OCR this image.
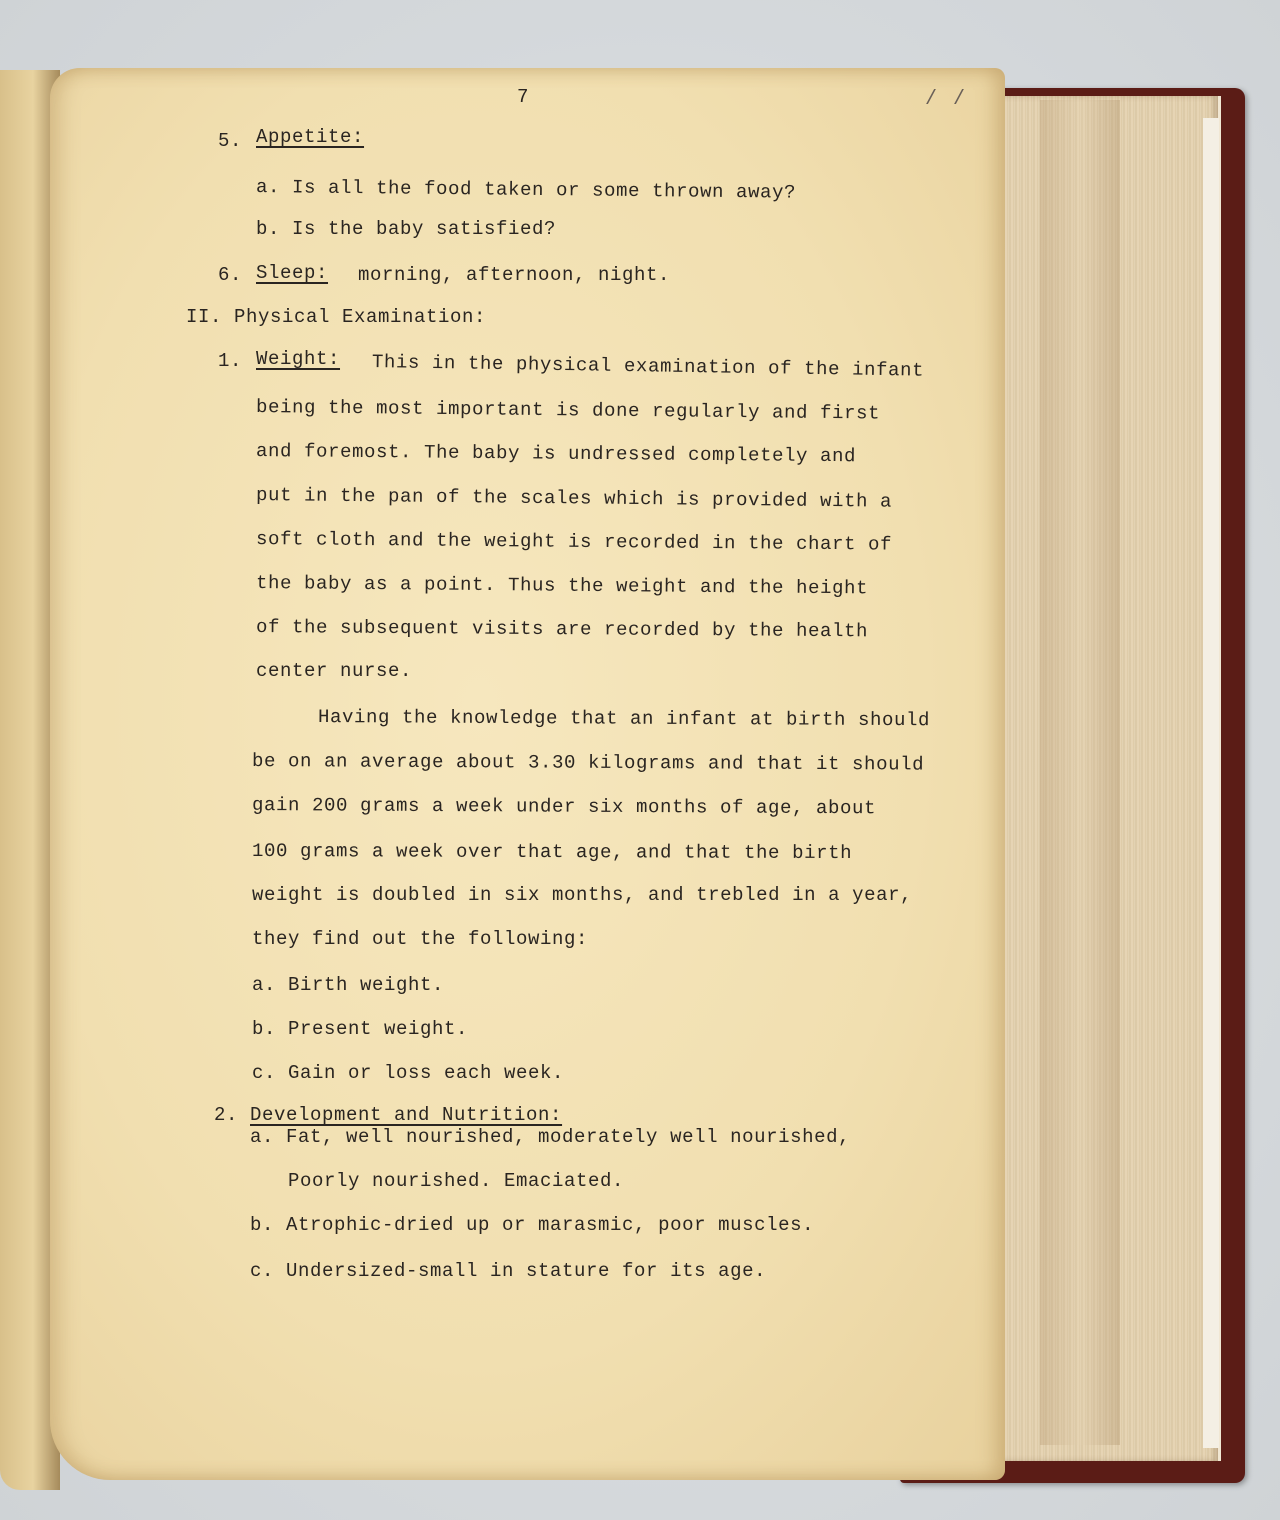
/ /
7
5. Appetite:
a. Is all the food taken or some thrown away?
b. Is the baby satisfied?
6. Sleep: morning, afternoon, night.
II. Physical Examination:
1. Weight: This in the physical examination of the infant
being the most important is done regularly and first
and foremost. The baby is undressed completely and
put in the pan of the scales which is provided with a
soft cloth and the weight is recorded in the chart of
the baby as a point. Thus the weight and the height
of the subsequent visits are recorded by the health
center nurse.
Having the knowledge that an infant at birth should
be on an average about 3.30 kilograms and that it should
gain 200 grams a week under six months of age, about
100 grams a week over that age, and that the birth
weight is doubled in six months, and trebled in a year,
they find out the following:
a. Birth weight.
b. Present weight.
c. Gain or loss each week.
2. Development and Nutrition:
a. Fat, well nourished, moderately well nourished,
Poorly nourished. Emaciated.
b. Atrophic-dried up or marasmic, poor muscles.
c. Undersized-small in stature for its age.
